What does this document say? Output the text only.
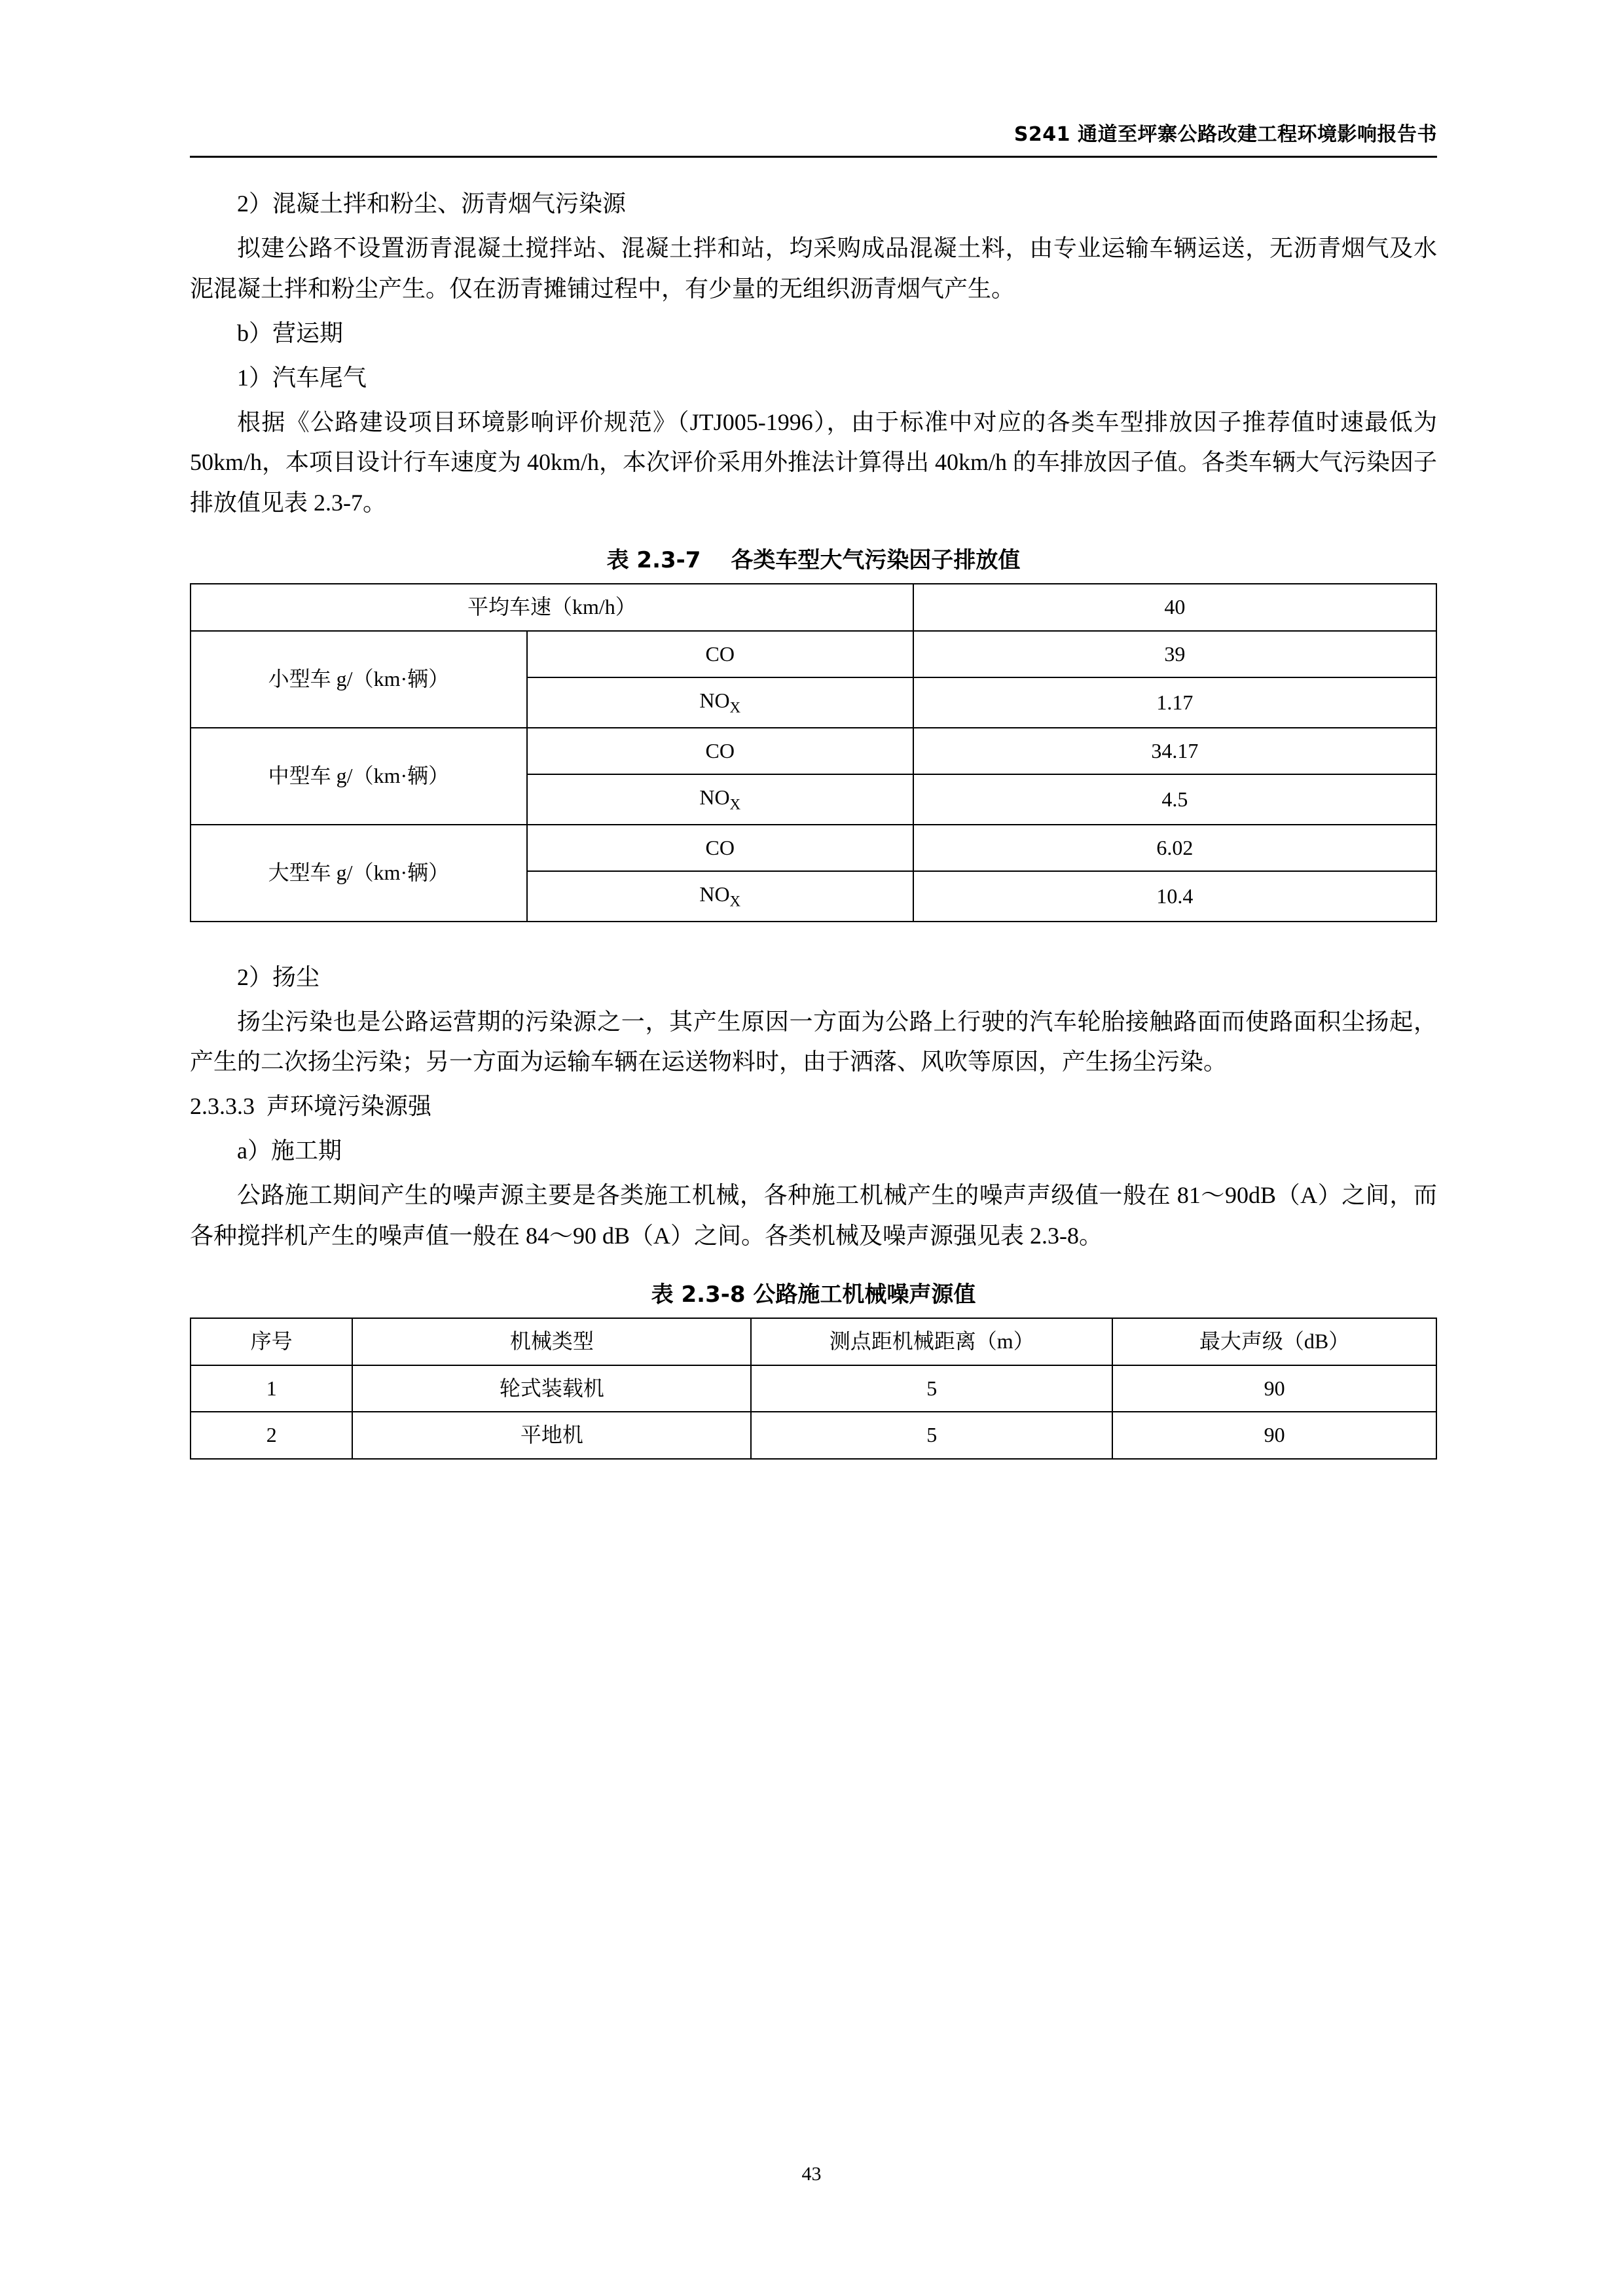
S241 通道至坪寨公路改建工程环境影响报告书

2）混凝土拌和粉尘、沥青烟气污染源

拟建公路不设置沥青混凝土搅拌站、混凝土拌和站，均采购成品混凝土料，由专业运输车辆运送，无沥青烟气及水泥混凝土拌和粉尘产生。仅在沥青摊铺过程中，有少量的无组织沥青烟气产生。

b）营运期

1）汽车尾气

根据《公路建设项目环境影响评价规范》（JTJ005-1996），由于标准中对应的各类车型排放因子推荐值时速最低为 50km/h，本项目设计行车速度为 40km/h，本次评价采用外推法计算得出 40km/h 的车排放因子值。各类车辆大气污染因子排放值见表 2.3-7。

表 2.3-7 各类车型大气污染因子排放值
平均车速（km/h）		40
小型车 g/（km·辆）	CO	39
	$NO_X$	1.17
中型车 g/（km·辆）	CO	34.17
	$NO_X$	4.5
大型车 g/（km·辆）	CO	6.02
	$NO_X$	10.4

2）扬尘

扬尘污染也是公路运营期的污染源之一，其产生原因一方面为公路上行驶的汽车轮胎接触路面而使路面积尘扬起，产生的二次扬尘污染；另一方面为运输车辆在运送物料时，由于洒落、风吹等原因，产生扬尘污染。

2.3.3.3 声环境污染源强

a）施工期

公路施工期间产生的噪声源主要是各类施工机械，各种施工机械产生的噪声声级值一般在 81～90dB（A）之间，而各种搅拌机产生的噪声值一般在 84～90 dB（A）之间。各类机械及噪声源强见表 2.3-8。

表 2.3-8 公路施工机械噪声源值
序号	机械类型	测点距机械距离（m）	最大声级（dB）
1	轮式装载机	5	90
2	平地机	5	90
43
